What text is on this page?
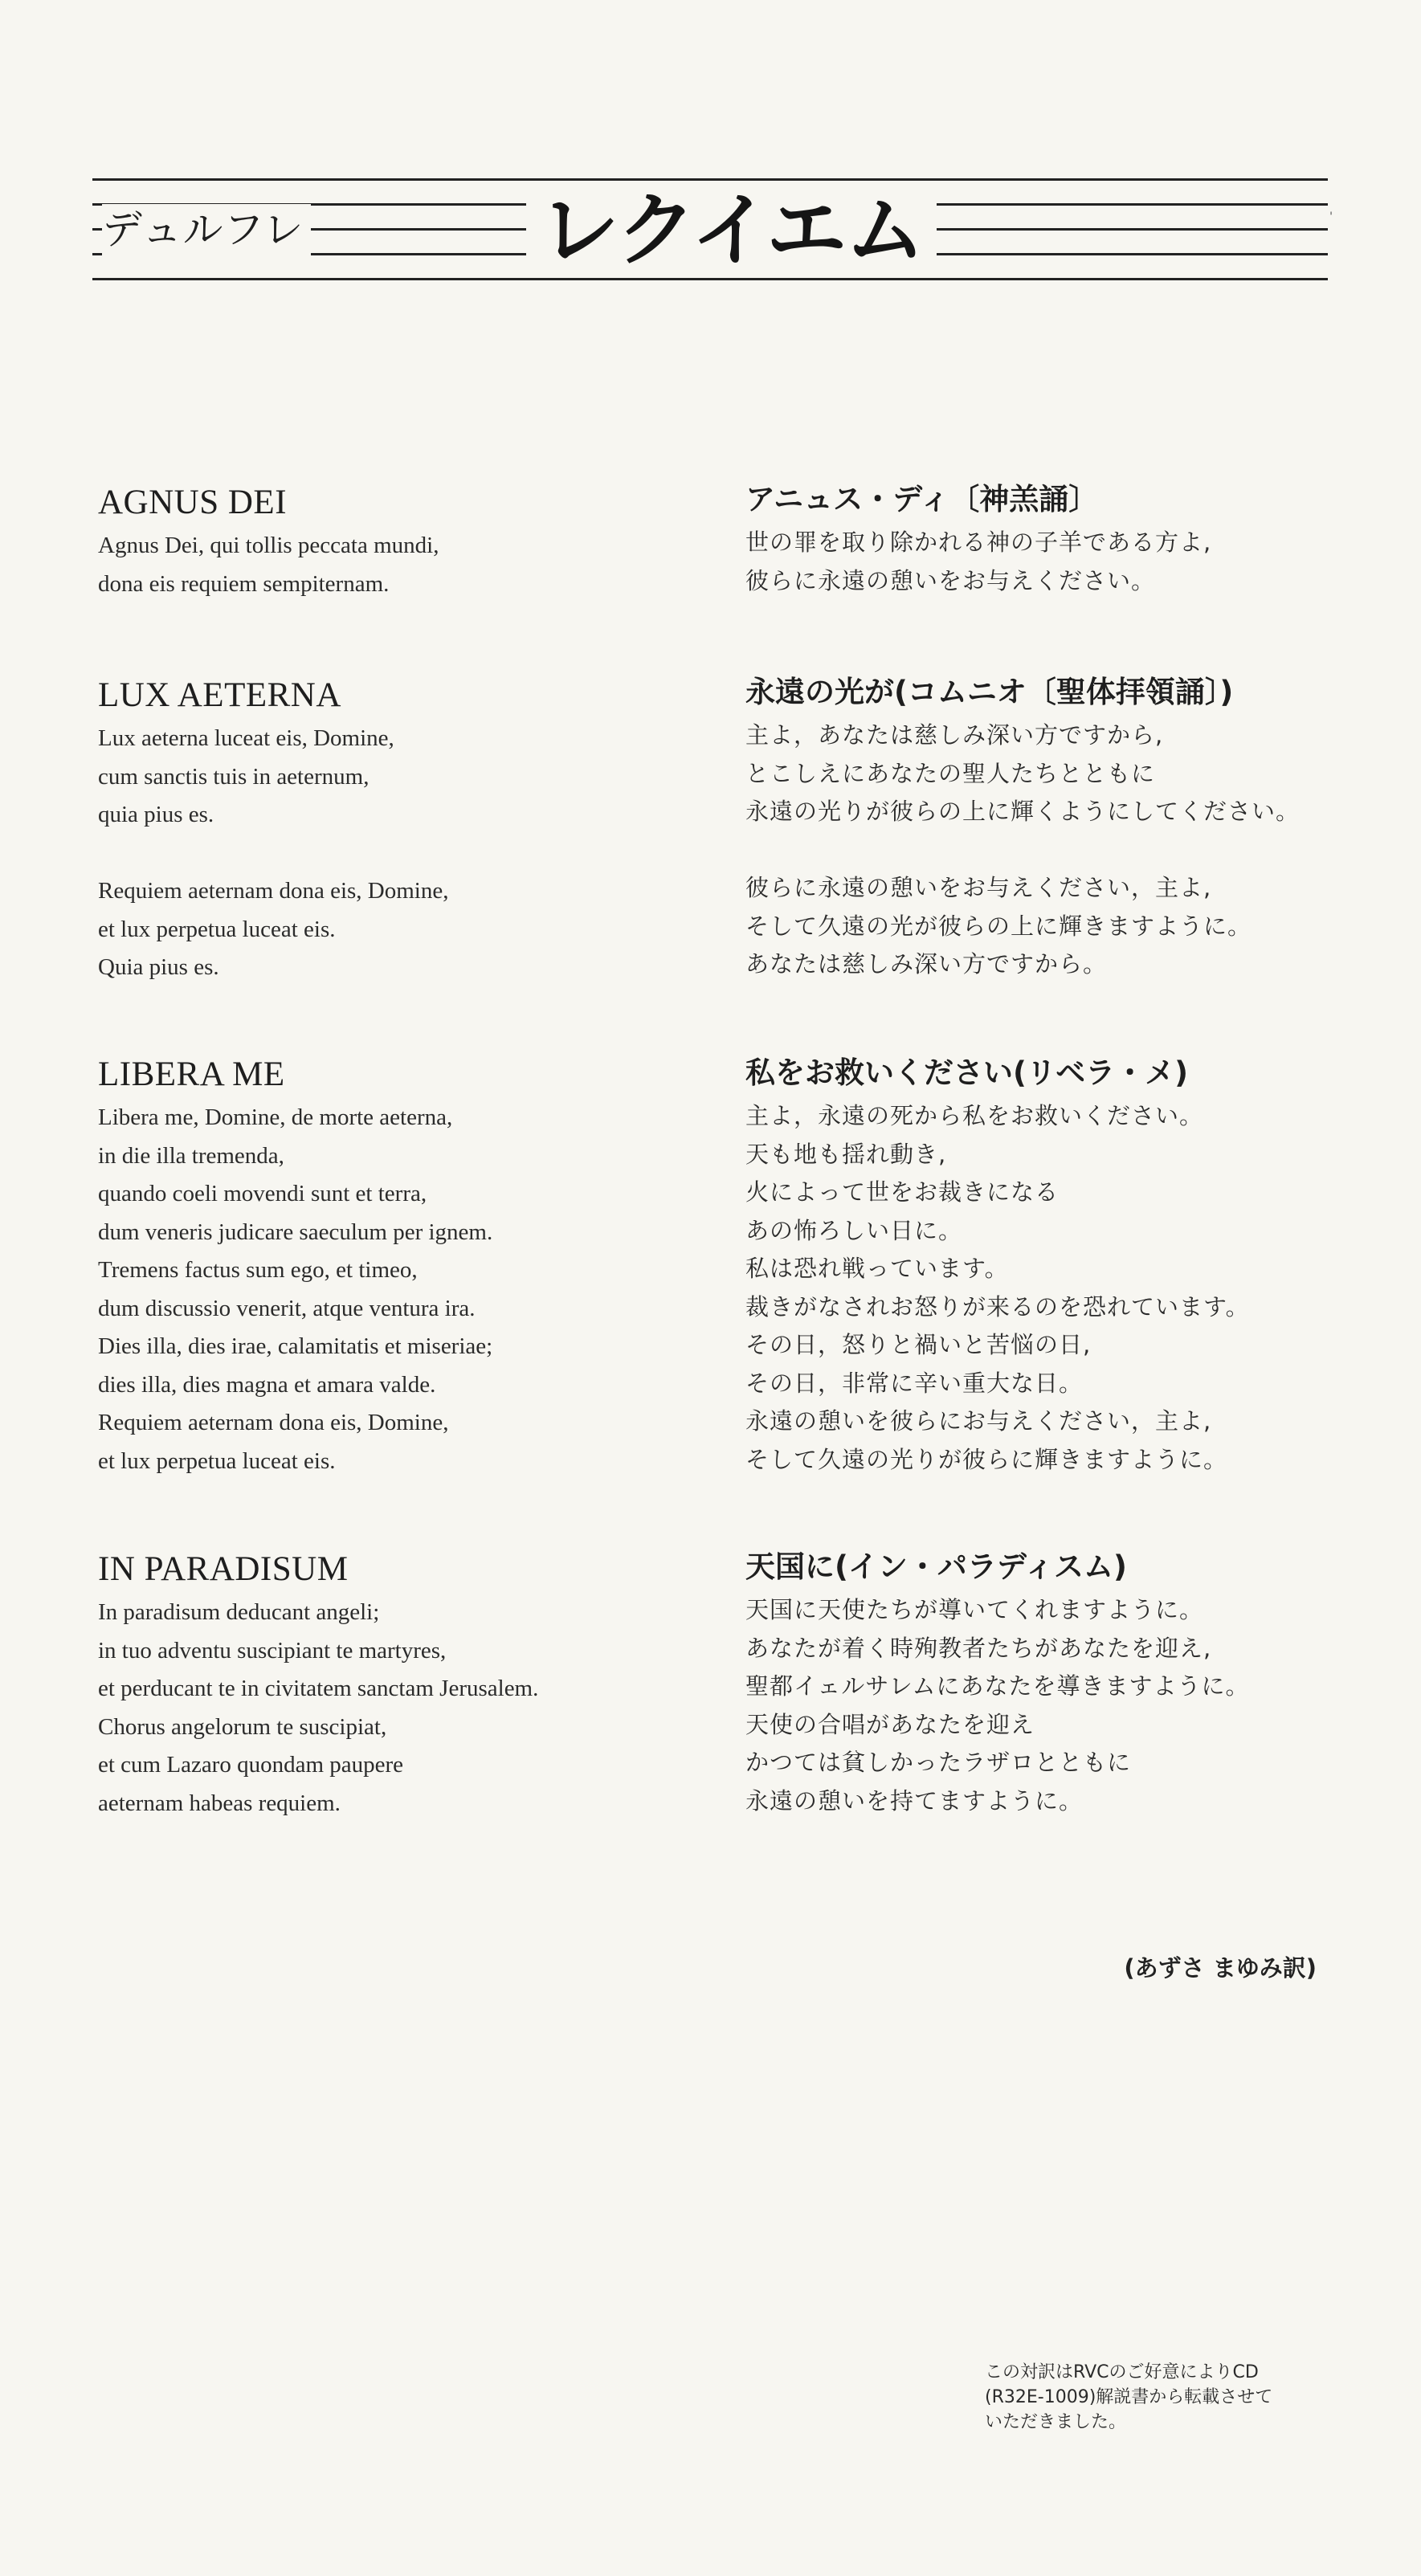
デュルフレ	レクイエム	'
AGNUS DEI
Agnus Dei, qui tollis peccata mundi,
dona eis requiem sempiternam.
アニュス・ディ〔神羔誦〕
世の罪を取り除かれる神の子羊である方よ,
彼らに永遠の憩いをお与えください。
LUX AETERNA
Lux aeterna luceat eis, Domine,
cum sanctis tuis in aeternum,
quia pius es.
Requiem aeternam dona eis, Domine,
et lux perpetua luceat eis.
Quia pius es.
永遠の光が(コムニオ〔聖体拝領誦〕)
主よ，あなたは慈しみ深い方ですから,
とこしえにあなたの聖人たちとともに
永遠の光りが彼らの上に輝くようにしてください。
彼らに永遠の憩いをお与えください，主よ,
そして久遠の光が彼らの上に輝きますように。
あなたは慈しみ深い方ですから。
LIBERA ME
Libera me, Domine, de morte aeterna,
in die illa tremenda,
quando coeli movendi sunt et terra,
dum veneris judicare saeculum per ignem.
Tremens factus sum ego, et timeo,
dum discussio venerit, atque ventura ira.
Dies illa, dies irae, calamitatis et miseriae;
dies illa, dies magna et amara valde.
Requiem aeternam dona eis, Domine,
et lux perpetua luceat eis.
私をお救いください(リベラ・メ)
主よ，永遠の死から私をお救いください。
天も地も揺れ動き,
火によって世をお裁きになる
あの怖ろしい日に。
私は恐れ戦っています。
裁きがなされお怒りが来るのを恐れています。
その日，怒りと禍いと苦悩の日,
その日，非常に辛い重大な日。
永遠の憩いを彼らにお与えください，主よ,
そして久遠の光りが彼らに輝きますように。
IN PARADISUM
In paradisum deducant angeli;
in tuo adventu suscipiant te martyres,
et perducant te in civitatem sanctam Jerusalem.
Chorus angelorum te suscipiat,
et cum Lazaro quondam paupere
aeternam habeas requiem.
天国に(イン・パラディスム)
天国に天使たちが導いてくれますように。
あなたが着く時殉教者たちがあなたを迎え,
聖都イェルサレムにあなたを導きますように。
天使の合唱があなたを迎え
かつては貧しかったラザロとともに
永遠の憩いを持てますように。
(あずさ まゆみ訳)
この対訳はRVCのご好意によりCD
(R32E-1009)解説書から転載させて
いただきました。
